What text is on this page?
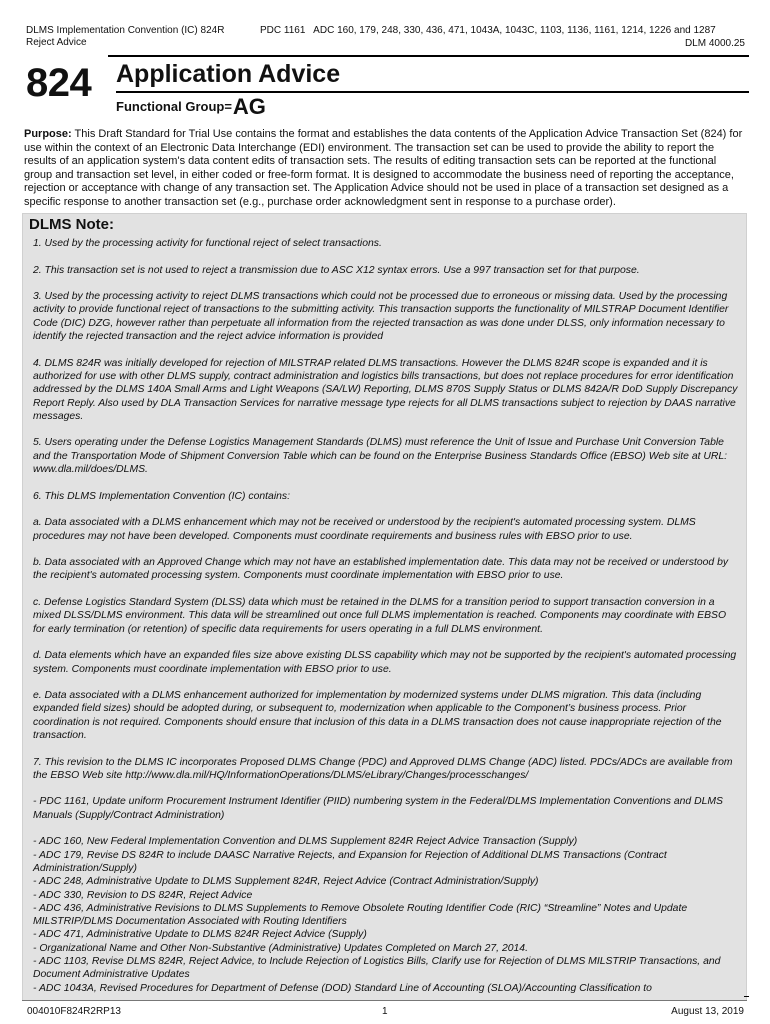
DLMS Implementation Convention (IC) 824R
Reject Advice
PDC 1161   ADC 160, 179, 248, 330, 436, 471, 1043A, 1043C, 1103, 1136, 1161, 1214, 1226 and 1287
DLM 4000.25
824 Application Advice
Functional Group=AG
Purpose: This Draft Standard for Trial Use contains the format and establishes the data contents of the Application Advice Transaction Set (824) for use within the context of an Electronic Data Interchange (EDI) environment. The transaction set can be used to provide the ability to report the results of an application system's data content edits of transaction sets. The results of editing transaction sets can be reported at the functional group and transaction set level, in either coded or free-form format. It is designed to accommodate the business need of reporting the acceptance, rejection or acceptance with change of any transaction set. The Application Advice should not be used in place of a transaction set designed as a specific response to another transaction set (e.g., purchase order acknowledgment sent in response to a purchase order).
DLMS Note:

1. Used by the processing activity for functional reject of select transactions.

2. This transaction set is not used to reject a transmission due to ASC X12 syntax errors. Use a 997 transaction set for that purpose.

3. Used by the processing activity to reject DLMS transactions which could not be processed due to erroneous or missing data. Used by the processing activity to provide functional reject of transactions to the submitting activity. This transaction supports the functionality of MILSTRAP Document Identifier Code (DIC) DZG, however rather than perpetuate all information from the rejected transaction as was done under DLSS, only information necessary to identify the rejected transaction and the reject advice information is provided

4. DLMS 824R was initially developed for rejection of MILSTRAP related DLMS transactions. However the DLMS 824R scope is expanded and it is authorized for use with other DLMS supply, contract administration and logistics bills transactions, but does not replace procedures for error identification addressed by the DLMS 140A Small Arms and Light Weapons (SA/LW) Reporting, DLMS 870S Supply Status or DLMS 842A/R DoD Supply Discrepancy Report Reply. Also used by DLA Transaction Services for narrative message type rejects for all DLMS transactions subject to rejection by DAAS narrative messages.

5. Users operating under the Defense Logistics Management Standards (DLMS) must reference the Unit of Issue and Purchase Unit Conversion Table and the Transportation Mode of Shipment Conversion Table which can be found on the Enterprise Business Standards Office (EBSO) Web site at URL: www.dla.mil/does/DLMS.

6. This DLMS Implementation Convention (IC) contains:

a. Data associated with a DLMS enhancement which may not be received or understood by the recipient's automated processing system. DLMS procedures may not have been developed. Components must coordinate requirements and business rules with EBSO prior to use.

b. Data associated with an Approved Change which may not have an established implementation date. This data may not be received or understood by the recipient's automated processing system. Components must coordinate implementation with EBSO prior to use.

c. Defense Logistics Standard System (DLSS) data which must be retained in the DLMS for a transition period to support transaction conversion in a mixed DLSS/DLMS environment. This data will be streamlined out once full DLMS implementation is reached. Components may coordinate with EBSO for early termination (or retention) of specific data requirements for users operating in a full DLMS environment.

d. Data elements which have an expanded files size above existing DLSS capability which may not be supported by the recipient's automated processing system. Components must coordinate implementation with EBSO prior to use.

e. Data associated with a DLMS enhancement authorized for implementation by modernized systems under DLMS migration. This data (including expanded field sizes) should be adopted during, or subsequent to, modernization when applicable to the Component’s business process. Prior coordination is not required. Components should ensure that inclusion of this data in a DLMS transaction does not cause inappropriate rejection of the transaction.

7. This revision to the DLMS IC incorporates Proposed DLMS Change (PDC) and Approved DLMS Change (ADC) listed. PDCs/ADCs are available from the EBSO Web site http://www.dla.mil/HQ/InformationOperations/DLMS/eLibrary/Changes/processchanges/

- PDC 1161, Update uniform Procurement Instrument Identifier (PIID) numbering system in the Federal/DLMS Implementation Conventions and DLMS Manuals (Supply/Contract Administration)

- ADC 160, New Federal Implementation Convention and DLMS Supplement 824R Reject Advice Transaction (Supply)
- ADC 179, Revise DS 824R to include DAASC Narrative Rejects, and Expansion for Rejection of Additional DLMS Transactions (Contract Administration/Supply)
- ADC 248, Administrative Update to DLMS Supplement 824R, Reject Advice (Contract Administration/Supply)
- ADC 330, Revision to DS 824R, Reject Advice
- ADC 436, Administrative Revisions to DLMS Supplements to Remove Obsolete Routing Identifier Code (RIC) “Streamline” Notes and Update MILSTRIP/DLMS Documentation Associated with Routing Identifiers
- ADC 471, Administrative Update to DLMS 824R Reject Advice (Supply)
- Organizational Name and Other Non-Substantive (Administrative) Updates Completed on March 27, 2014.
- ADC 1103, Revise DLMS 824R, Reject Advice, to Include Rejection of Logistics Bills, Clarify use for Rejection of DLMS MILSTRIP Transactions, and Document Administrative Updates
- ADC 1043A, Revised Procedures for Department of Defense (DOD) Standard Line of Accounting (SLOA)/Accounting Classification to
004010F824R2RP13	1	August 13, 2019
